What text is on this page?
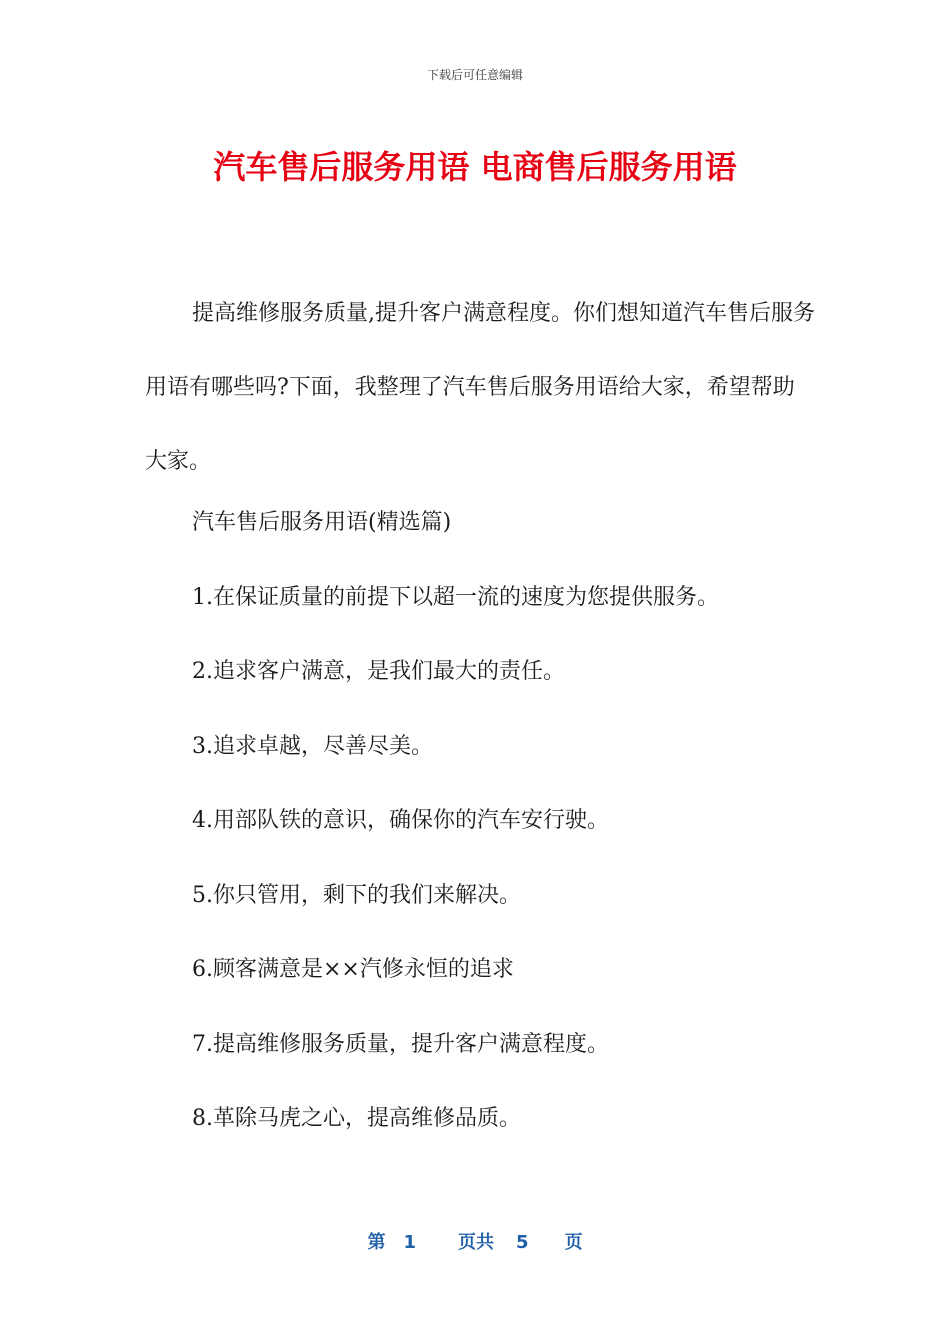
下载后可任意编辑
汽车售后服务用语 电商售后服务用语

提高维修服务质量,提升客户满意程度。你们想知道汽车售后服务用语有哪些吗?下面，我整理了汽车售后服务用语给大家，希望帮助大家。

汽车售后服务用语(精选篇)
1.在保证质量的前提下以超一流的速度为您提供服务。
2.追求客户满意，是我们最大的责任。
3.追求卓越，尽善尽美。
4.用部队铁的意识，确保你的汽车安行驶。
5.你只管用，剩下的我们来解决。
6.顾客满意是××汽修永恒的追求
7.提高维修服务质量，提升客户满意程度。
8.革除马虎之心，提高维修品质。
第 1 页共 5 页
